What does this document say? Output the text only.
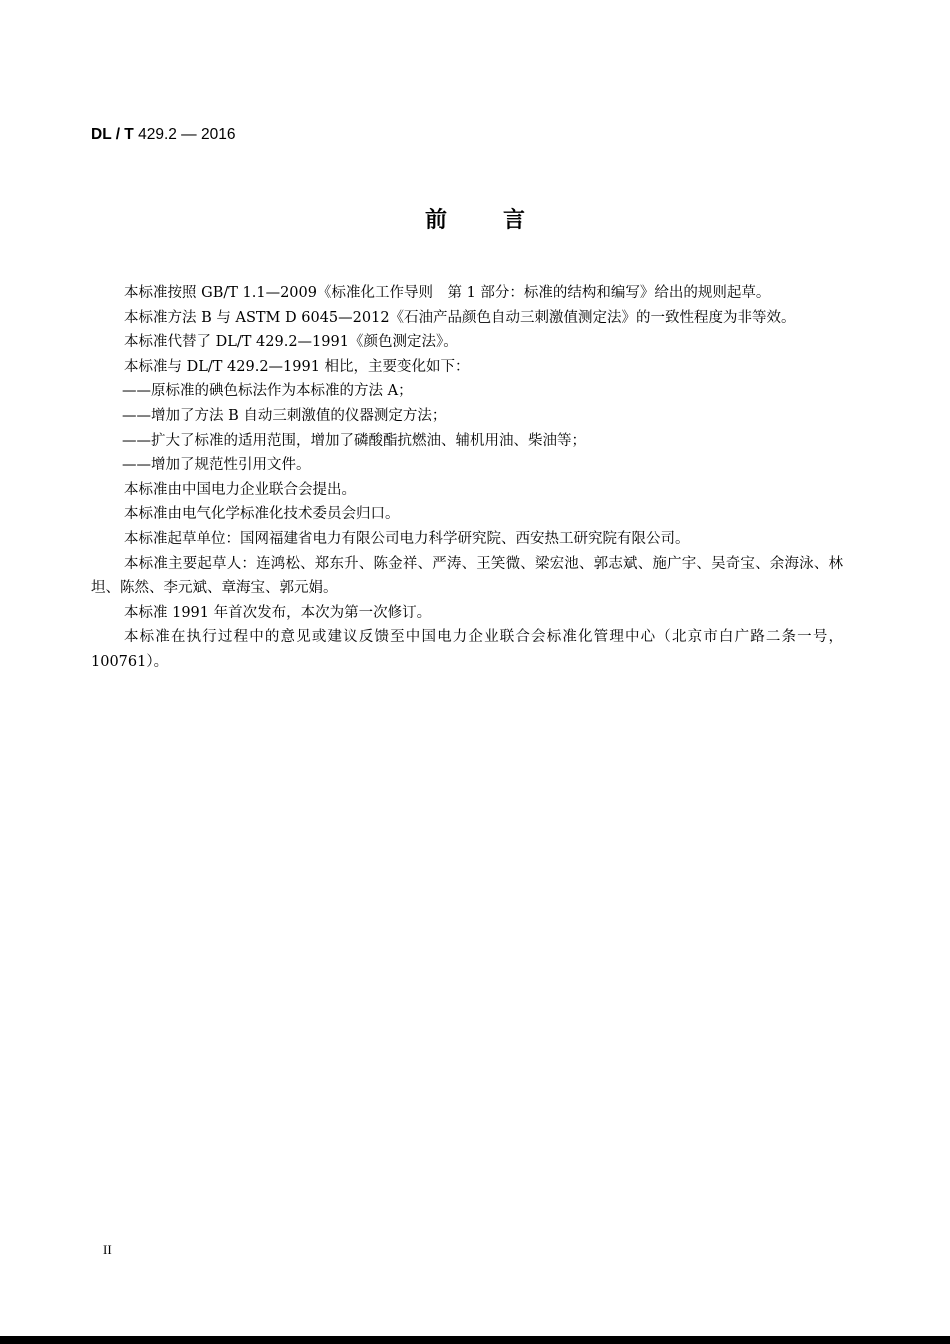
DL / T 429.2 — 2016
前言

本标准按照 GB/T 1.1—2009《标准化工作导则　第 1 部分：标准的结构和编写》给出的规则起草。

本标准方法 B 与 ASTM D 6045—2012《石油产品颜色自动三刺激值测定法》的一致性程度为非等效。

本标准代替了 DL/T 429.2—1991《颜色测定法》。

本标准与 DL/T 429.2—1991 相比，主要变化如下：

——原标准的碘色标法作为本标准的方法 A；

——增加了方法 B 自动三刺激值的仪器测定方法；

——扩大了标准的适用范围，增加了磷酸酯抗燃油、辅机用油、柴油等；

——增加了规范性引用文件。

本标准由中国电力企业联合会提出。

本标准由电气化学标准化技术委员会归口。

本标准起草单位：国网福建省电力有限公司电力科学研究院、西安热工研究院有限公司。

本标准主要起草人：连鸿松、郑东升、陈金祥、严涛、王笑微、梁宏池、郭志斌、施广宇、吴奇宝、余海泳、林坦、陈然、李元斌、章海宝、郭元娟。

本标准 1991 年首次发布，本次为第一次修订。

本标准在执行过程中的意见或建议反馈至中国电力企业联合会标准化管理中心（北京市白广路二条一号，100761）。

II
